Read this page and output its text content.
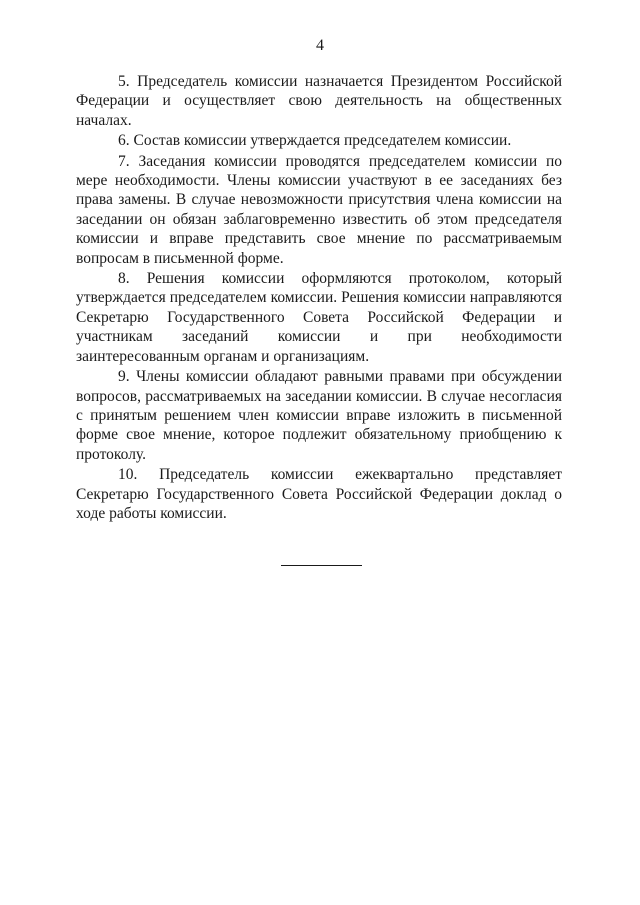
4

5. Председатель комиссии назначается Президентом Российской Федерации и осуществляет свою деятельность на общественных началах.

6. Состав комиссии утверждается председателем комиссии.

7. Заседания комиссии проводятся председателем комиссии по мере необходимости. Члены комиссии участвуют в ее заседаниях без права замены. В случае невозможности присутствия члена комиссии на заседании он обязан заблаговременно известить об этом председателя комиссии и вправе представить свое мнение по рассматриваемым вопросам в письменной форме.

8. Решения комиссии оформляются протоколом, который утверждается председателем комиссии. Решения комиссии направляются Секретарю Государственного Совета Российской Федерации и участникам заседаний комиссии и при необходимости заинтересованным органам и организациям.

9. Члены комиссии обладают равными правами при обсуждении вопросов, рассматриваемых на заседании комиссии. В случае несогласия с принятым решением член комиссии вправе изложить в письменной форме свое мнение, которое подлежит обязательному приобщению к протоколу.

10. Председатель комиссии ежеквартально представляет Секретарю Государственного Совета Российской Федерации доклад о ходе работы комиссии.
